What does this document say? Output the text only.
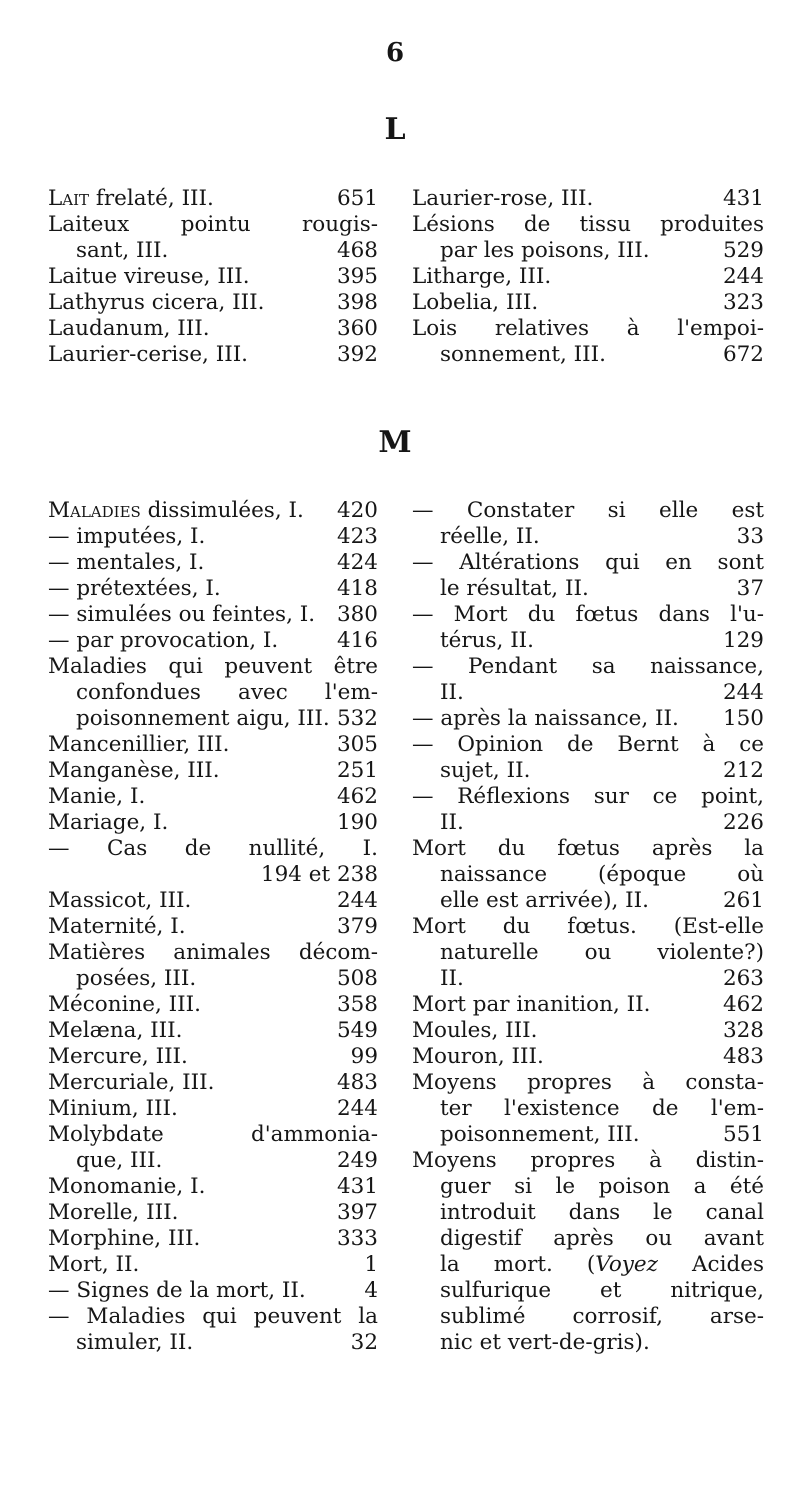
6
L
M
Lait frelaté, III.	651
Laiteux pointu rougis-
sant, III.	468
Laitue vireuse, III.	395
Lathyrus cicera, III.	398
Laudanum, III.	360
Laurier-cerise, III.	392
Laurier-rose, III.	431
Lésions de tissu produites
par les poisons, III.	529
Litharge, III.	244
Lobelia, III.	323
Lois relatives à l'empoi-
sonnement, III.	672
Maladies dissimulées, I.	420
— imputées, I.	423
— mentales, I.	424
— prétextées, I.	418
— simulées ou feintes, I.	380
— par provocation, I.	416
Maladies qui peuvent être
confondues avec l'em-
poisonnement aigu, III. 532
Mancenillier, III.	305
Manganèse, III.	251
Manie, I.	462
Mariage, I.	190
— Cas de nullité, I.

194 et 238
Massicot, III.	244
Maternité, I.	379
Matières animales décom-
posées, III.	508
Méconine, III.	358
Melæna, III.	549
Mercure, III.	99
Mercuriale, III.	483
Minium, III.	244
Molybdate d'ammonia-
que, III.	249
Monomanie, I.	431
Morelle, III.	397
Morphine, III.	333
Mort, II.	1
— Signes de la mort, II.	4
— Maladies qui peuvent la
simuler, II.	32
— Constater si elle est
réelle, II.	33
— Altérations qui en sont
le résultat, II.	37
— Mort du fœtus dans l'u-
térus, II.	129
— Pendant sa naissance,
II.	244
— après la naissance, II.	150
— Opinion de Bernt à ce
sujet, II.	212
— Réflexions sur ce point,
II.	226
Mort du fœtus après la
naissance (époque où
elle est arrivée), II.	261
Mort du fœtus. (Est-elle
naturelle ou violente?)
II.	263
Mort par inanition, II.	462
Moules, III.	328
Mouron, III.	483
Moyens propres à consta-
ter l'existence de l'em-
poisonnement, III.	551
Moyens propres à distin-
guer si le poison a été
introduit dans le canal
digestif après ou avant
la mort. (Voyez Acides
sulfurique et nitrique,
sublimé corrosif, arse-
nic et vert-de-gris).
